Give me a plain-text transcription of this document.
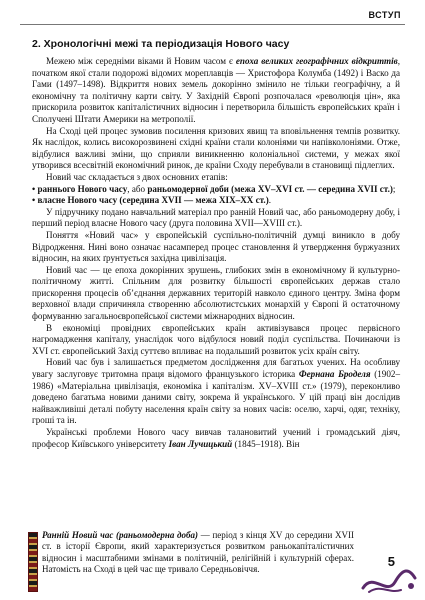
ВСТУП
2. Хронологічні межі та періодизація Нового часу

Межею між середніми віками й Новим часом є епоха великих географічних відкриттів, початком якої стали подорожі відомих мореплавців — Христофора Колумба (1492) і Васко да Гами (1497–1498). Відкриття нових земель докорінно змінило не тільки географічну, а й економічну та політичну карти світу. У Західній Європі розпочалася «революція цін», яка прискорила розвиток капіталістичних відносин і перетворила більшість європейських країн і Сполучені Штати Америки на метрополії.

На Сході цей процес зумовив посилення кризових явищ та вповільнення темпів розвитку. Як наслідок, колись високорозвинені східні країни стали колоніями чи напівколоніями. Отже, відбулися важливі зміни, що сприяли виникненню колоніальної системи, у межах якої утворився всесвітній економічний ринок, де країни Сходу перебували в становищі підлеглих.

Новий час складається з двох основних етапів:

• раннього Нового часу, або раньомодерної доби (межа XV–XVI ст. — середина XVII ст.);

• власне Нового часу (середина XVII — межа XIX–XX ст.).

У підручнику подано навчальний матеріал про ранній Новий час, або раньомодерну добу, і перший період власне Нового часу (друга половина XVII—XVIII ст.).

Поняття «Новий час» у європейській суспільно-політичній думці виникло в добу Відродження. Нині воно означає насамперед процес становлення й утвердження буржуазних відносин, на яких ґрунтується західна цивілізація.

Новий час — це епоха докорінних зрушень, глибоких змін в економічному й культурно-політичному житті. Спільним для розвитку більшості європейських держав стало прискорення процесів об’єднання державних територій навколо єдиного центру. Зміна форм верховної влади спричиняла створенню абсолютистських монархій у Європі й остаточному формуванню загальноєвропейської системи міжнародних відносин.

В економіці провідних європейських країн активізувався процес первісного нагромадження капіталу, унаслідок чого відбулося новий поділ суспільства. Починаючи із XVI ст. європейський Захід суттєво впливає на подальший розвиток усіх країн світу.

Новий час був і залишається предметом дослідження для багатьох учених. На особливу увагу заслуговує тритомна праця відомого французького історика Фернана Броделя (1902–1986) «Матеріальна цивілізація, економіка і капіталізм. XV–XVIII ст.» (1979), переконливо доведено багатьма новими даними світу, зокрема й українського. У цій праці він дослідив найважливіші деталі побуту населення країн світу за нових часів: оселю, харчі, одяг, техніку, гроші та ін.

Українські проблеми Нового часу вивчав талановитий учений і громадський діяч, професор Київського університету Іван Лучицький (1845–1918). Він

Ранній Новий час (раньомодерна доба) — період з кінця XV до середини XVII ст. в історії Європи, який характеризується розвитком раньокапіталістичних відносин і масштабними змінами в політичній, релігійній і культурній сферах. Натомість на Сході в цей час ще тривало Середньовіччя.	5
